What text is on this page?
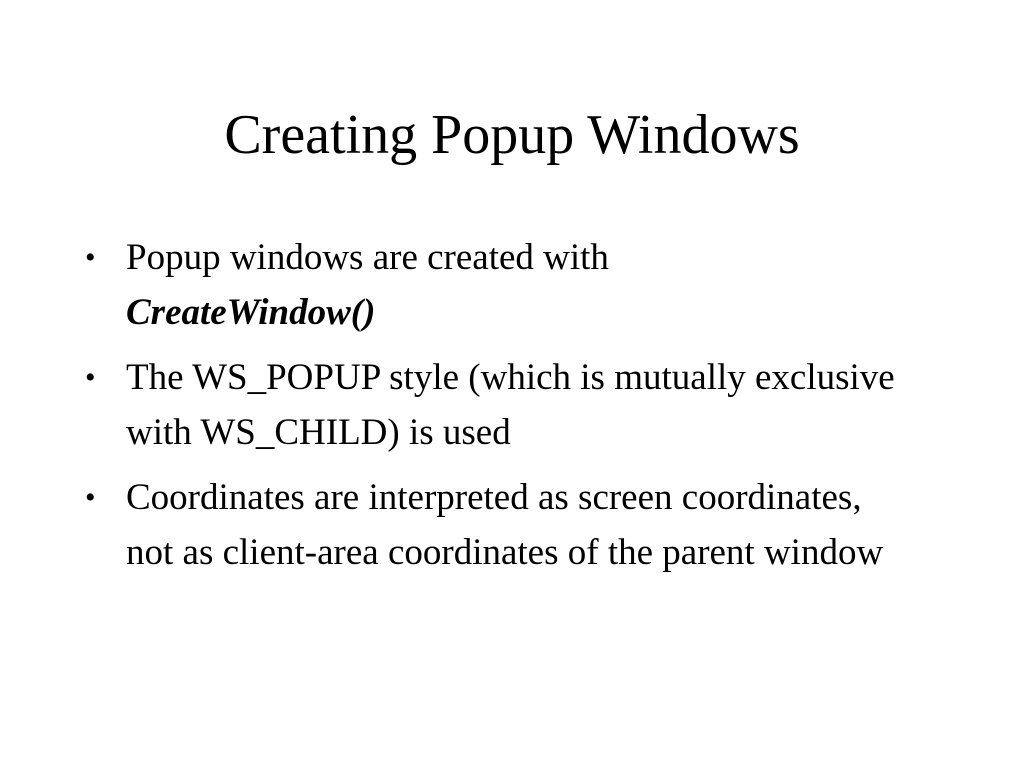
Creating Popup Windows
• Popup windows are created with
CreateWindow()
• The WS_POPUP style (which is mutually exclusive with WS_CHILD) is used
• Coordinates are interpreted as screen coordinates, not as client-area coordinates of the parent window
